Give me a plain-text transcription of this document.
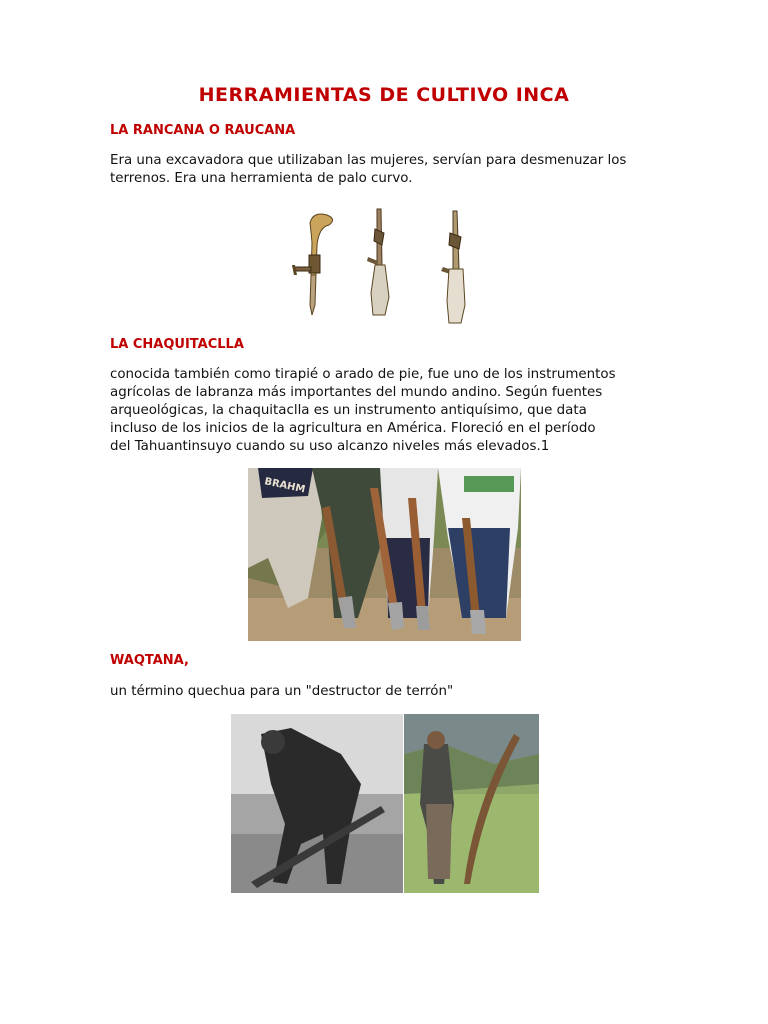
HERRAMIENTAS DE CULTIVO INCA
LA RANCANA O RAUCANA

Era una excavadora que utilizaban las mujeres, servían para desmenuzar los
terrenos. Era una herramienta de palo curvo.

LA CHAQUITACLLA

conocida también como tirapié o arado de pie, fue uno de los instrumentos
agrícolas de labranza más importantes del mundo andino. Según fuentes
arqueológicas, la chaquitaclla es un instrumento antiquísimo, que data
incluso de los inicios de la agricultura en América. Floreció en el período
del Tahuantinsuyo cuando su uso alcanzo niveles más elevados.1

BRAHM
WAQTANA,

un término quechua para un "destructor de terrón"
